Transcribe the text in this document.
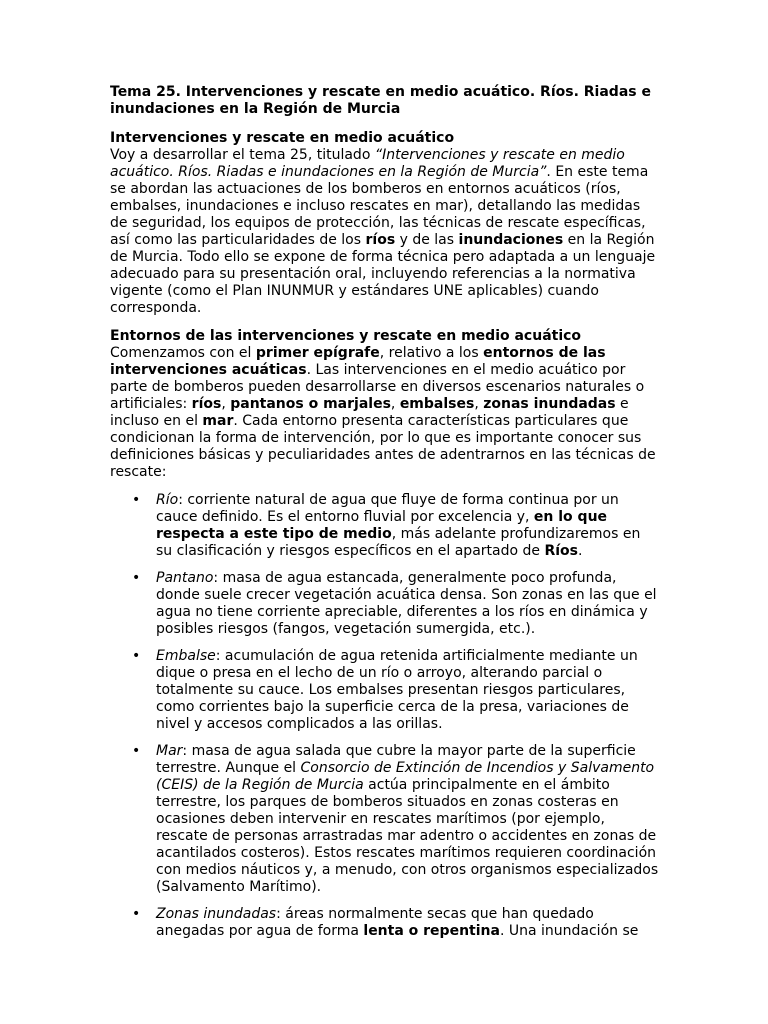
Tema 25. Intervenciones y rescate en medio acuático. Ríos. Riadas e inundaciones en la Región de Murcia
Intervenciones y rescate en medio acuático

Voy a desarrollar el tema 25, titulado “Intervenciones y rescate en medio acuático. Ríos. Riadas e inundaciones en la Región de Murcia”. En este tema se abordan las actuaciones de los bomberos en entornos acuáticos (ríos, embalses, inundaciones e incluso rescates en mar), detallando las medidas de seguridad, los equipos de protección, las técnicas de rescate específicas, así como las particularidades de los ríos y de las inundaciones en la Región de Murcia. Todo ello se expone de forma técnica pero adaptada a un lenguaje adecuado para su presentación oral, incluyendo referencias a la normativa vigente (como el Plan INUNMUR y estándares UNE aplicables) cuando corresponda.

Entornos de las intervenciones y rescate en medio acuático

Comenzamos con el primer epígrafe, relativo a los entornos de las intervenciones acuáticas. Las intervenciones en el medio acuático por parte de bomberos pueden desarrollarse en diversos escenarios naturales o artificiales: ríos, pantanos o marjales, embalses, zonas inundadas e incluso en el mar. Cada entorno presenta características particulares que condicionan la forma de intervención, por lo que es importante conocer sus definiciones básicas y peculiaridades antes de adentrarnos en las técnicas de rescate:

• Río: corriente natural de agua que fluye de forma continua por un cauce definido. Es el entorno fluvial por excelencia y, en lo que respecta a este tipo de medio, más adelante profundizaremos en su clasificación y riesgos específicos en el apartado de Ríos.
• Pantano: masa de agua estancada, generalmente poco profunda, donde suele crecer vegetación acuática densa. Son zonas en las que el agua no tiene corriente apreciable, diferentes a los ríos en dinámica y posibles riesgos (fangos, vegetación sumergida, etc.).
• Embalse: acumulación de agua retenida artificialmente mediante un dique o presa en el lecho de un río o arroyo, alterando parcial o totalmente su cauce. Los embalses presentan riesgos particulares, como corrientes bajo la superficie cerca de la presa, variaciones de nivel y accesos complicados a las orillas.
• Mar: masa de agua salada que cubre la mayor parte de la superficie terrestre. Aunque el Consorcio de Extinción de Incendios y Salvamento (CEIS) de la Región de Murcia actúa principalmente en el ámbito terrestre, los parques de bomberos situados en zonas costeras en ocasiones deben intervenir en rescates marítimos (por ejemplo, rescate de personas arrastradas mar adentro o accidentes en zonas de acantilados costeros). Estos rescates marítimos requieren coordinación con medios náuticos y, a menudo, con otros organismos especializados (Salvamento Marítimo).
• Zonas inundadas: áreas normalmente secas que han quedado anegadas por agua de forma lenta o repentina. Una inundación se
